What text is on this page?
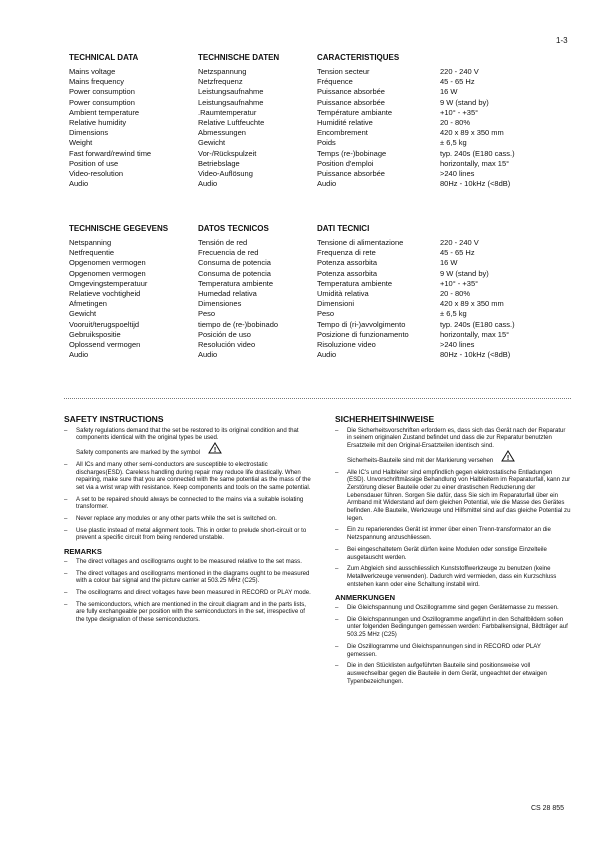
1-3
TECHNICAL DATA	TECHNISCHE DATEN	CARACTERISTIQUES
Mains voltage	Netzspannung	Tension secteur	220 - 240 V
Mains frequency	Netzfrequenz	Fréquence	45 - 65 Hz
Power consumption	Leistungsaufnahme	Puissance absorbée	16 W
Power consumption	Leistungsaufnahme	Puissance absorbée	9 W (stand by)
Ambient temperature	.Raumtemperatur	Température ambiante	+10° - +35°
Relative humidity	Relative Luftfeuchte	Humidité relative	20 - 80%
Dimensions	Abmessungen	Encombrement	420 x 89 x 350 mm
Weight	Gewicht	Poids	± 6,5 kg
Fast forward/rewind time	Vor-/Rückspulzeit	Temps (re-)bobinage	typ. 240s (E180 cass.)
Position of use	Betriebslage	Position d'emploi	horizontally, max 15°
Video-resolution	Video-Auflösung	Puissance absorbée	>240 lines
Audio	Audio	Audio	80Hz - 10kHz (<8dB)
TECHNISCHE GEGEVENS	DATOS TECNICOS	DATI TECNICI
Netspanning	Tensión de red	Tensione di alimentazione	220 - 240 V
Netfrequentie	Frecuencia de red	Frequenza di rete	45 - 65 Hz
Opgenomen vermogen	Consuma de potencia	Potenza assorbita	16 W
Opgenomen vermogen	Consuma de potencia	Potenza assorbita	9 W (stand by)
Omgevingstemperatuur	Temperatura ambiente	Temperatura ambiente	+10° - +35°
Relatieve vochtigheid	Humedad relativa	Umidità relativa	20 - 80%
Afmetingen	Dimensiones	Dimensioni	420 x 89 x 350 mm
Gewicht	Peso	Peso	± 6,5 kg
Vooruit/terugspoeltijd	tiempo de (re-)bobinado	Tempo di (ri-)avvolgimento	typ. 240s (E180 cass.)
Gebruikspositie	Posición de uso	Posizione di funzionamento	horizontally, max 15°
Oplossend vermogen	Resolución video	Risoluzione video	>240 lines
Audio	Audio	Audio	80Hz - 10kHz (<8dB)
SAFETY INSTRUCTIONS
– Safety regulations demand that the set be restored to its original condition and that components identical with the original types be used.
Safety components are marked by the symbol !
– All ICs and many other semi-conductors are susceptible to electrostatic discharges(ESD). Careless handling during repair may reduce life drastically. When repairing, make sure that you are connected with the same potential as the mass of the set via a wrist wrap with resistance. Keep components and tools on the same potential.
– A set to be repaired should always be connected to the mains via a suitable isolating transformer.
– Never replace any modules or any other parts while the set is switched on.
– Use plastic instead of metal alignment tools. This in order to prelude short-circuit or to prevent a specific circuit from being rendered unstable.
REMARKS
– The direct voltages and oscillograms ought to be measured relative to the set mass.
– The direct voltages and oscillograms mentioned in the diagrams ought to be measured with a colour bar signal and the picture carrier at 503.25 MHz (C25).
– The oscillograms and direct voltages have been measured in RECORD or PLAY mode.
– The semiconductors, which are mentioned in the circuit diagram and in the parts lists, are fully exchangeable per position with the semiconductors in the set, irrespective of the type designation of these semiconductors.
SICHERHEITSHINWEISE
– Die Sicherheitsvorschriften erfordern es, dass sich das Gerät nach der Reparatur in seinem originalen Zustand befindet und dass die zur Reparatur benutzten Ersatzteile mit den Original-Ersatzteilen identisch sind.
Sicherheits-Bauteile sind mit der Markierung versehen !
– Alle IC's und Halbleiter sind empfindlich gegen elektrostatische Entladungen (ESD). Unvorschriftmässige Behandlung von Halbleitern im Reparaturfall, kann zur Zerstörung dieser Bauteile oder zu einer drastischen Reduzierung der Lebensdauer führen. Sorgen Sie dafür, dass Sie sich im Reparaturfall über ein Armband mit Widerstand auf dem gleichen Potential, wie die Masse des Gerätes befinden. Alle Bauteile, Werkzeuge und Hilfsmittel sind auf das gleiche Potential zu legen.
– Ein zu reparierendes Gerät ist immer über einen Trenn-transformator an die Netzspannung anzuschliessen.
– Bei eingeschaltetem Gerät dürfen keine Modulen oder sonstige Einzelteile ausgetauscht werden.
– Zum Abgleich sind ausschliesslich Kunststoffwerkzeuge zu benutzen (keine Metallwerkzeuge verwenden). Dadurch wird vermieden, dass ein Kurzschluss entstehen kann oder eine Schaltung instabil wird.
ANMERKUNGEN
– Die Gleichspannung und Oszillogramme sind gegen Gerätemasse zu messen.
– Die Gleichspannungen und Oszillogramme angeführt in den Schaltbildern sollen unter folgenden Bedingungen gemessen werden: Farbbalkensignal, Bildträger auf 503.25 MHz (C25)
– Die Oszillogramme und Gleichspannungen sind in RECORD oder PLAY gemessen.
– Die in den Stücklisten aufgeführten Bauteile sind positionsweise voll auswechselbar gegen die Bauteile in dem Gerät, ungeachtet der etwaigen Typenbezeichungen.
CS 28 855
